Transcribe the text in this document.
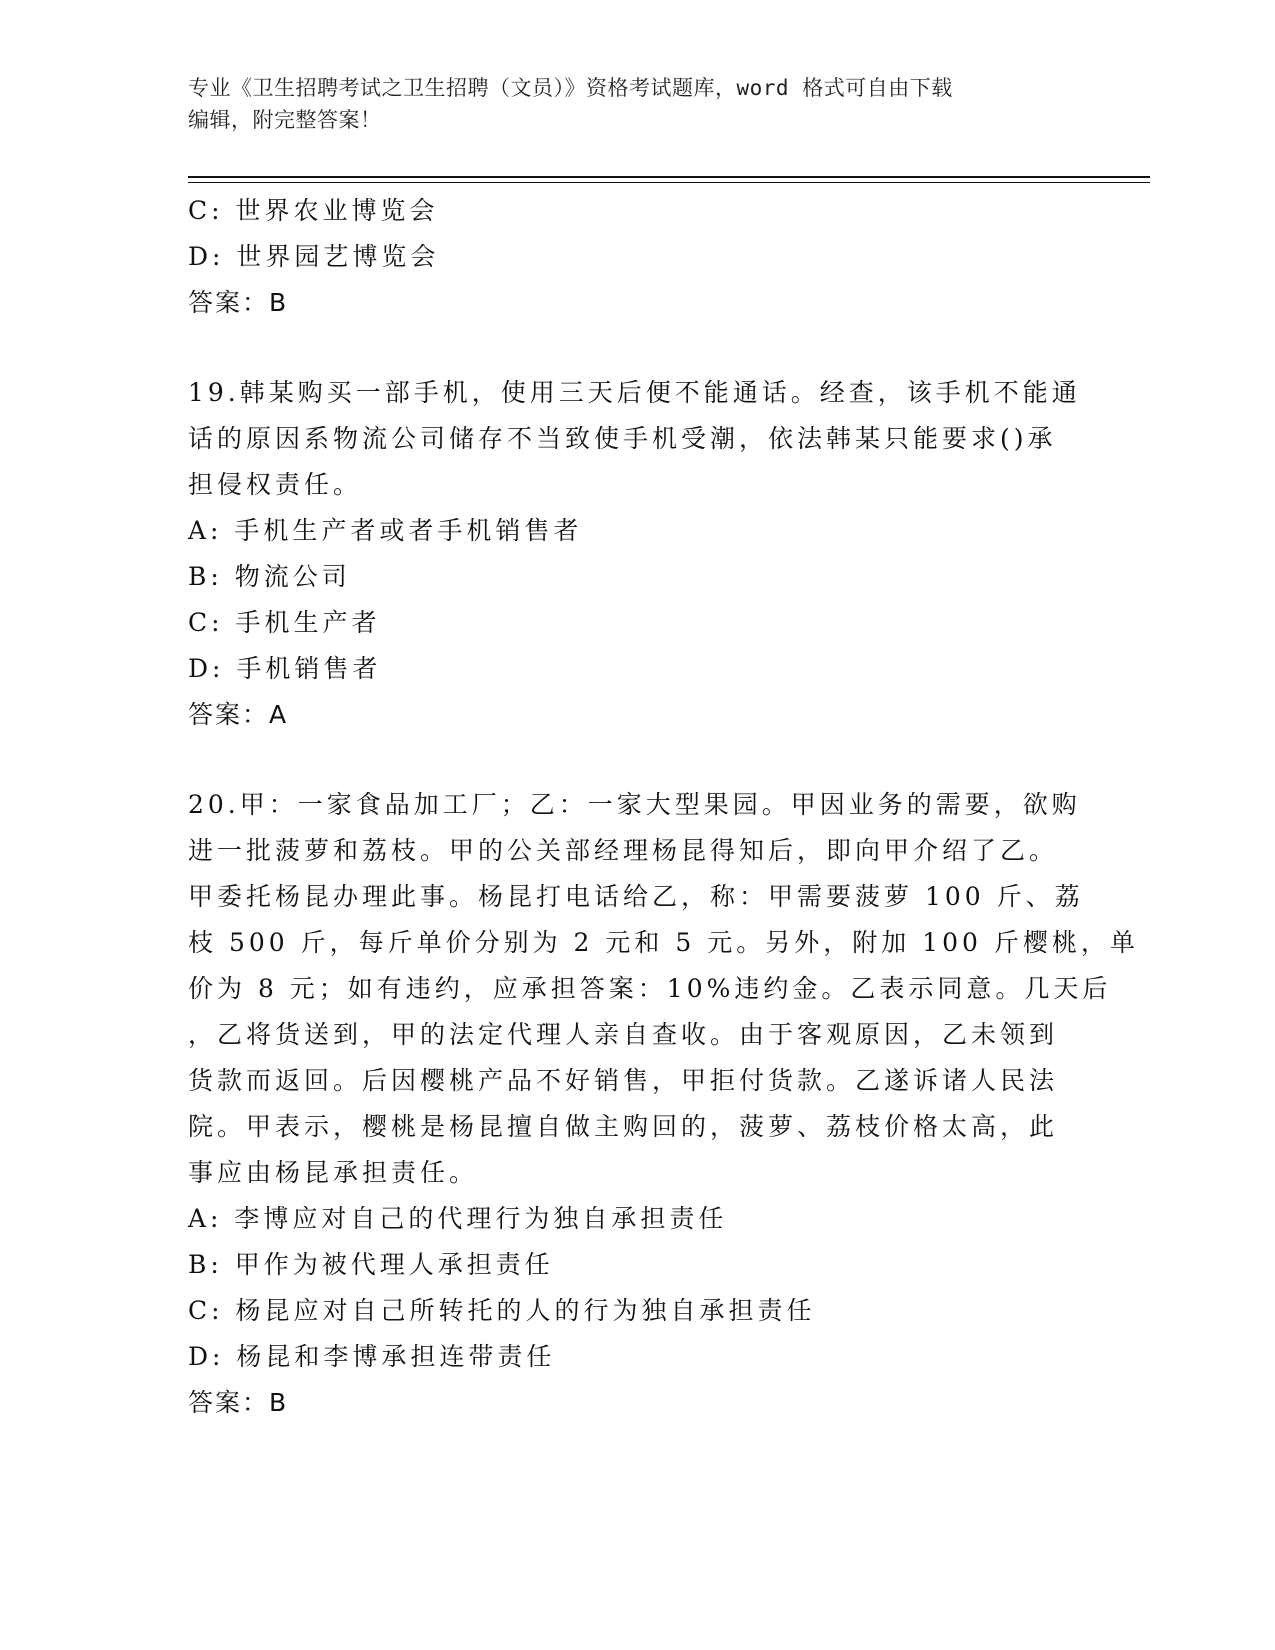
专业《卫生招聘考试之卫生招聘（文员）》资格考试题库，word 格式可自由下载
编辑，附完整答案！
C: 世界农业博览会
D: 世界园艺博览会
答案：B
19.韩某购买一部手机，使用三天后便不能通话。经查，该手机不能通
话的原因系物流公司储存不当致使手机受潮，依法韩某只能要求()承
担侵权责任。
A: 手机生产者或者手机销售者
B: 物流公司
C: 手机生产者
D: 手机销售者
答案：A
20.甲：一家食品加工厂；乙：一家大型果园。甲因业务的需要，欲购
进一批菠萝和荔枝。甲的公关部经理杨昆得知后，即向甲介绍了乙。
甲委托杨昆办理此事。杨昆打电话给乙，称：甲需要菠萝 100 斤、荔
枝 500 斤，每斤单价分别为 2 元和 5 元。另外，附加 100 斤樱桃，单
价为 8 元；如有违约，应承担答案：10%违约金。乙表示同意。几天后
，乙将货送到，甲的法定代理人亲自查收。由于客观原因，乙未领到
货款而返回。后因樱桃产品不好销售，甲拒付货款。乙遂诉诸人民法
院。甲表示，樱桃是杨昆擅自做主购回的，菠萝、荔枝价格太高，此
事应由杨昆承担责任。
A: 李博应对自己的代理行为独自承担责任
B: 甲作为被代理人承担责任
C: 杨昆应对自己所转托的人的行为独自承担责任
D: 杨昆和李博承担连带责任
答案：B
